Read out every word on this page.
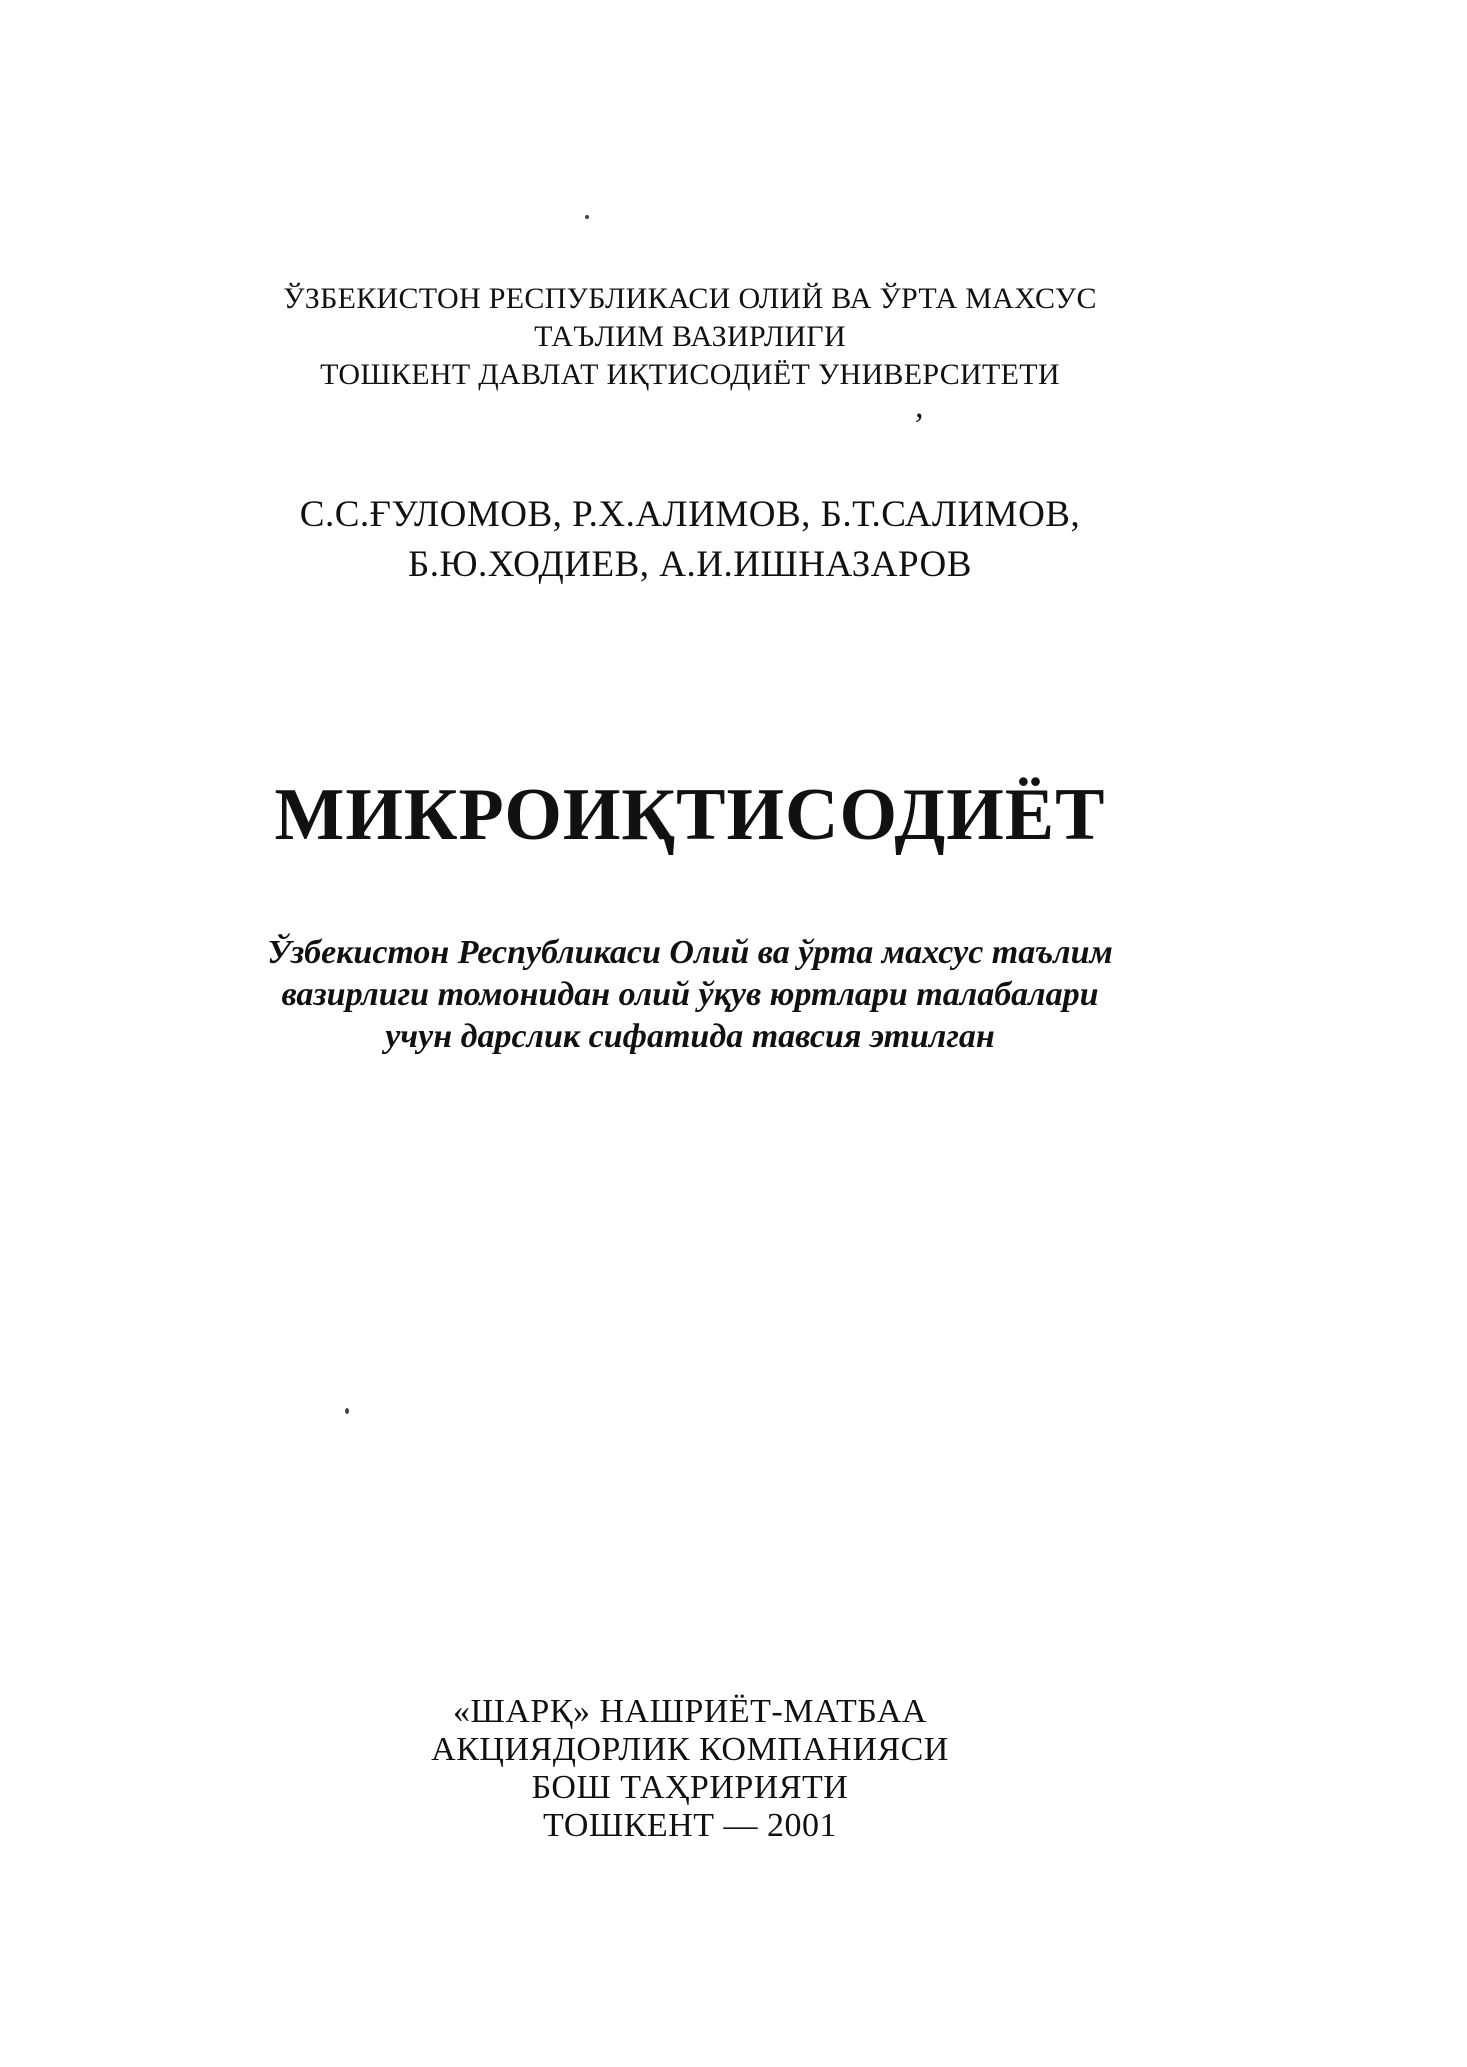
ЎЗБЕКИСТОН РЕСПУБЛИКАСИ ОЛИЙ ВА ЎРТА МАХСУС
ТАЪЛИМ ВАЗИРЛИГИ
ТОШКЕНТ ДАВЛАТ ИҚТИСОДИЁТ УНИВЕРСИТЕТИ
,
С.С.ҒУЛОМОВ, Р.Х.АЛИМОВ, Б.Т.САЛИМОВ,
Б.Ю.ХОДИЕВ, А.И.ИШНАЗАРОВ
МИКРОИҚТИСОДИЁТ
Ўзбекистон Республикаси Олий ва ўрта махсус таълим
вазирлиги томонидан олий ўқув юртлари талабалари
учун дарслик сифатида тавсия этилган
«ШАРҚ» НАШРИЁТ-МАТБАА
АКЦИЯДОРЛИК КОМПАНИЯСИ
БОШ ТАҲРИРИЯТИ
ТОШКЕНТ — 2001
